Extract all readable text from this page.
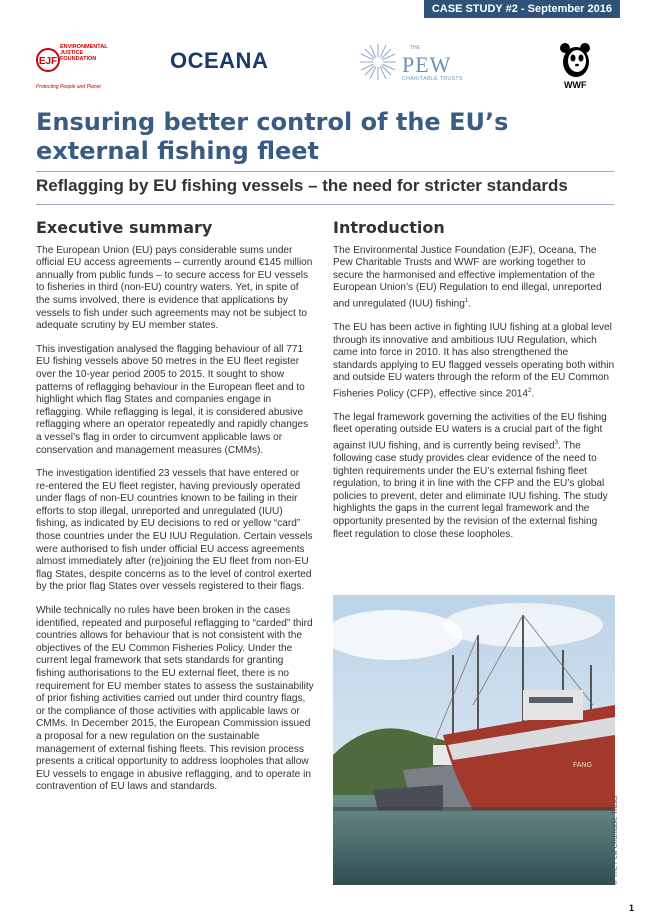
CASE STUDY #2 - September 2016
EJF
ENVIRONMENTAL
JUSTICE
FOUNDATION
Protecting People and Planet
OCEANA	THE
PEW
CHARITABLE TRUSTS
WWF
Ensuring better control of the EU’s external fishing fleet
Reflagging by EU fishing vessels – the need for stricter standards
Executive summary

The European Union (EU) pays considerable sums under official EU access agreements – currently around €145 million annually from public funds – to secure access for EU vessels to fisheries in third (non-EU) country waters. Yet, in spite of the sums involved, there is evidence that applications by vessels to fish under such agreements may not be subject to adequate scrutiny by EU member states.

This investigation analysed the flagging behaviour of all 771 EU fishing vessels above 50 metres in the EU fleet register over the 10-year period 2005 to 2015. It sought to show patterns of reflagging behaviour in the European fleet and to highlight which flag States and companies engage in reflagging. While reflagging is legal, it is considered abusive reflagging where an operator repeatedly and rapidly changes a vessel’s flag in order to circumvent applicable laws or conservation and management measures (CMMs).

The investigation identified 23 vessels that have entered or re-entered the EU fleet register, having previously operated under flags of non-EU countries known to be failing in their efforts to stop illegal, unreported and unregulated (IUU) fishing, as indicated by EU decisions to red or yellow “card” those countries under the EU IUU Regulation. Certain vessels were authorised to fish under official EU access agreements almost immediately after (re)joining the EU fleet from non-EU flag States, despite concerns as to the level of control exerted by the prior flag States over vessels registered to their flags.

While technically no rules have been broken in the cases identified, repeated and purposeful reflagging to “carded” third countries allows for behaviour that is not consistent with the objectives of the EU Common Fisheries Policy. Under the current legal framework that sets standards for granting fishing authorisations to the EU external fleet, there is no requirement for EU member states to assess the sustainability of prior fishing activities carried out under third country flags, or the compliance of those activities with applicable laws or CMMs. In December 2015, the European Commission issued a proposal for a new regulation on the sustainable management of external fishing fleets. This revision process presents a critical opportunity to address loopholes that allow EU vessels to engage in abusive reflagging, and to operate in contravention of EU laws and standards.

Introduction

The Environmental Justice Foundation (EJF), Oceana, The Pew Charitable Trusts and WWF are working together to secure the harmonised and effective implementation of the European Union’s (EU) Regulation to end illegal, unreported and unregulated (IUU) fishing$^1$.

The EU has been active in fighting IUU fishing at a global level through its innovative and ambitious IUU Regulation, which came into force in 2010. It has also strengthened the standards applying to EU flagged vessels operating both within and outside EU waters through the reform of the EU Common Fisheries Policy (CFP), effective since 2014$^2$.

The legal framework governing the activities of the EU fishing fleet operating outside EU waters is a crucial part of the fight against IUU fishing, and is currently being revised$^3$. The following case study provides clear evidence of the need to tighten requirements under the EU’s external fishing fleet regulation, to bring it in line with the CFP and the EU’s global policies to prevent, deter and eliminate IUU fishing. The study highlights the gaps in the current legal framework and the opportunity presented by the revision of the external fishing fleet regulation to close these loopholes.

FANG
© The Pew Charitable Trusts
1
